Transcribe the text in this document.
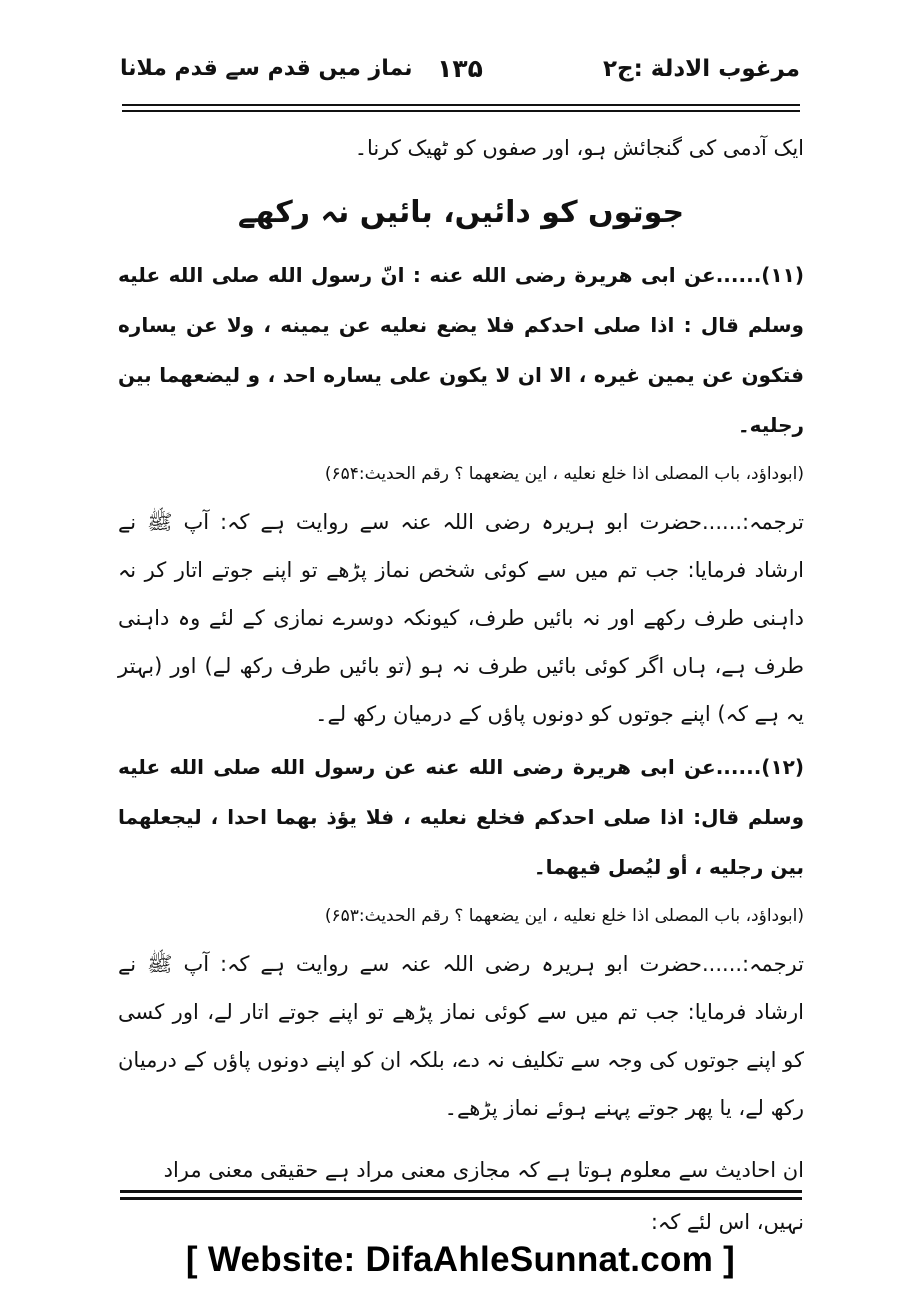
مرغوب الادلة :ج۲
۱۳۵
نماز میں قدم سے قدم ملانا
ایک آدمی کی گنجائش ہو، اور صفوں کو ٹھیک کرنا۔
جوتوں کو دائیں، بائیں نہ رکھے
(۱۱)......عن ابی هريرة رضی الله عنه : انّ رسول الله صلی الله عليه وسلم قال : اذا صلی احدکم فلا يضع نعليه عن يمينه ، ولا عن يساره فتکون عن يمين غيره ، الا ان لا يکون علی يساره احد ، و ليضعهما بين رجليه۔
(ابوداؤد، باب المصلی اذا خلع نعليه ، اين يضعهما ؟ رقم الحديث:۶۵۴)
ترجمہ:......حضرت ابو ہریرہ رضی اللہ عنہ سے روایت ہے کہ: آپ ﷺ نے ارشاد فرمایا: جب تم میں سے کوئی شخص نماز پڑھے تو اپنے جوتے اتار کر نہ داہنی طرف رکھے اور نہ بائیں طرف، کیونکہ دوسرے نمازی کے لئے وہ داہنی طرف ہے، ہاں اگر کوئی بائیں طرف نہ ہو (تو بائیں طرف رکھ لے) اور (بہتر یہ ہے کہ) اپنے جوتوں کو دونوں پاؤں کے درمیان رکھ لے۔
(۱۲)......عن ابی هريرة رضی الله عنه عن رسول الله صلی الله عليه وسلم قال: اذا صلی احدکم فخلع نعليه ، فلا يؤذ بهما احدا ، ليجعلهما بين رجليه ، أو ليُصل فيهما۔
(ابوداؤد، باب المصلی اذا خلع نعليه ، اين يضعهما ؟ رقم الحديث:۶۵۳)
ترجمہ:......حضرت ابو ہریرہ رضی اللہ عنہ سے روایت ہے کہ: آپ ﷺ نے ارشاد فرمایا: جب تم میں سے کوئی نماز پڑھے تو اپنے جوتے اتار لے، اور کسی کو اپنے جوتوں کی وجہ سے تکلیف نہ دے، بلکہ ان کو اپنے دونوں پاؤں کے درمیان رکھ لے، یا پھر جوتے پہنے ہوئے نماز پڑھے۔
ان احادیث سے معلوم ہوتا ہے کہ مجازی معنی مراد ہے حقیقی معنی مراد نہیں، اس لئے کہ:
[ Website: DifaAhleSunnat.com ]
